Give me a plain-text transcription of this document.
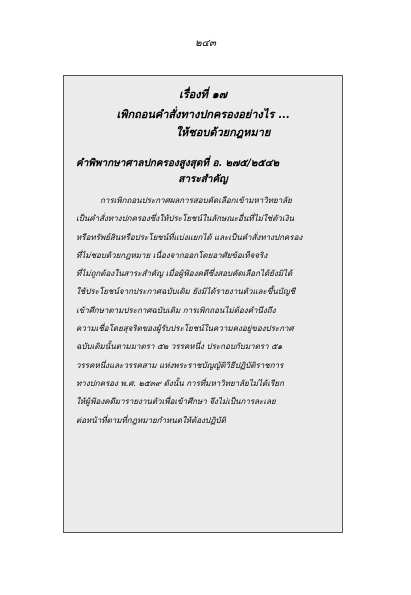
๒๔๓
เรื่องที่ ๑๗
เพิกถอนคำสั่งทางปกครองอย่างไร ...
ให้ชอบด้วยกฎหมาย
คำพิพากษาศาลปกครองสูงสุดที่ อ. ๒๗๕/๒๕๔๒
สาระสำคัญ
การเพิกถอนประกาศผลการสอบคัดเลือกเข้ามหาวิทยาลัย
เป็นคำสั่งทางปกครองซึ่งให้ประโยชน์ในลักษณะอื่นที่ไม่ใช่ตัวเงิน
หรือทรัพย์สินหรือประโยชน์ที่แบ่งแยกได้ และเป็นคำสั่งทางปกครอง
ที่ไม่ชอบด้วยกฎหมาย เนื่องจากออกโดยอาศัยข้อเท็จจริง
ที่ไม่ถูกต้องในสาระสำคัญ เมื่อผู้ฟ้องคดีซึ่งสอบคัดเลือกได้ยังมิได้
ใช้ประโยชน์จากประกาศฉบับเดิม ยังมิได้รายงานตัวและขึ้นบัญชี
เข้าศึกษาตามประกาศฉบับเดิม การเพิกถอนไม่ต้องคำนึงถึง
ความเชื่อโดยสุจริตของผู้รับประโยชน์ในความคงอยู่ของประกาศ
ฉบับเดิมนั้นตามมาตรา ๕๒ วรรคหนึ่ง ประกอบกับมาตรา ๕๑
วรรคหนึ่งและวรรคสาม แห่งพระราชบัญญัติวิธีปฏิบัติราชการ
ทางปกครอง พ.ศ. ๒๕๓๙ ดังนั้น การที่มหาวิทยาลัยไม่ได้เรียก
ให้ผู้ฟ้องคดีมารายงานตัวเพื่อเข้าศึกษา จึงไม่เป็นการละเลย
ต่อหน้าที่ตามที่กฎหมายกำหนดให้ต้องปฏิบัติ
